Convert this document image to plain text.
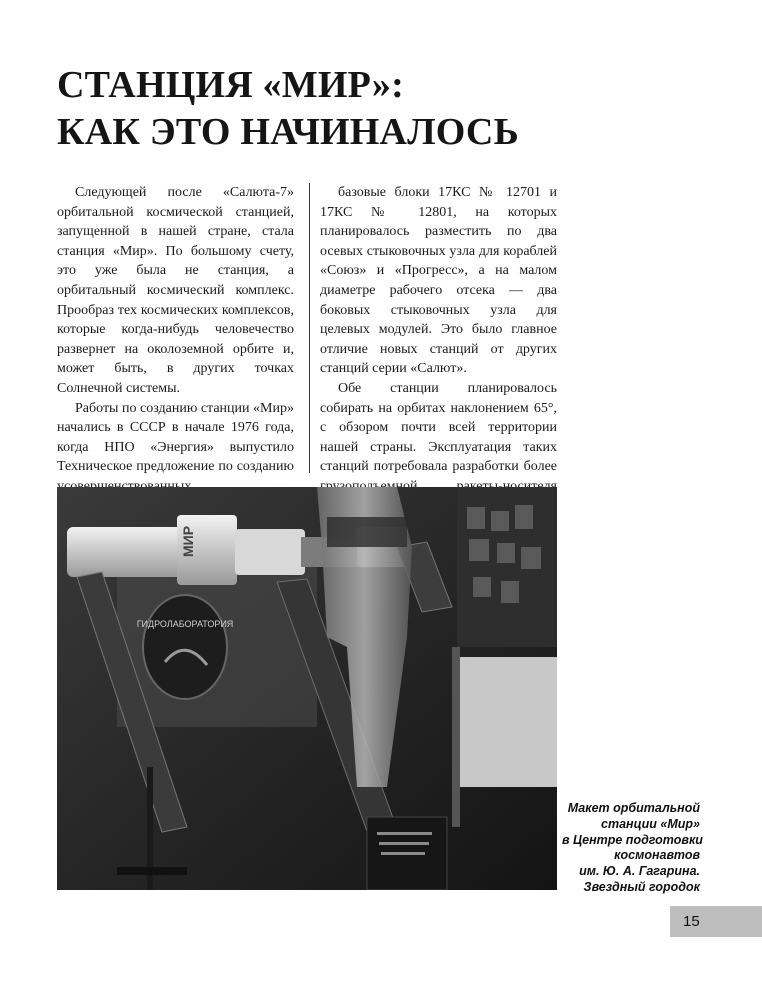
СТАНЦИЯ «МИР»:
КАК ЭТО НАЧИНАЛОСЬ

Следующей после «Салюта-7» орбитальной космической станцией, запущенной в нашей стране, стала станция «Мир». По большому счету, это уже была не станция, а орбитальный космический комплекс. Прообраз тех космических комплексов, которые когда-нибудь человечество развернет на околоземной орбите и, может быть, в других точках Солнечной системы.

Работы по созданию станции «Мир» начались в СССР в начале 1976 года, когда НПО «Энергия» выпустило Техническое предложение по созданию

базовые блоки 17КС № 12701 и 17КС № 12801, на которых планировалось разместить по два осевых стыковочных узла для кораблей «Союз» и «Прогресс», а на малом диаметре рабочего отсека — два боковых стыковочных узла для целевых модулей. Это было главное отличие новых станций от других станций серии «Салют».

Обе станции планировалось собирать на орбитах наклонением 65°, с обзором почти всей территории нашей страны. Эксплуатация таких станций потребовала разработки более

ГИДРОЛАБОРАТОРИЯ
МИР
Макет орбитальной
станции «Мир»
в Центре подготовки
космонавтов
им. Ю. А. Гагарина.
Звездный городок
15
